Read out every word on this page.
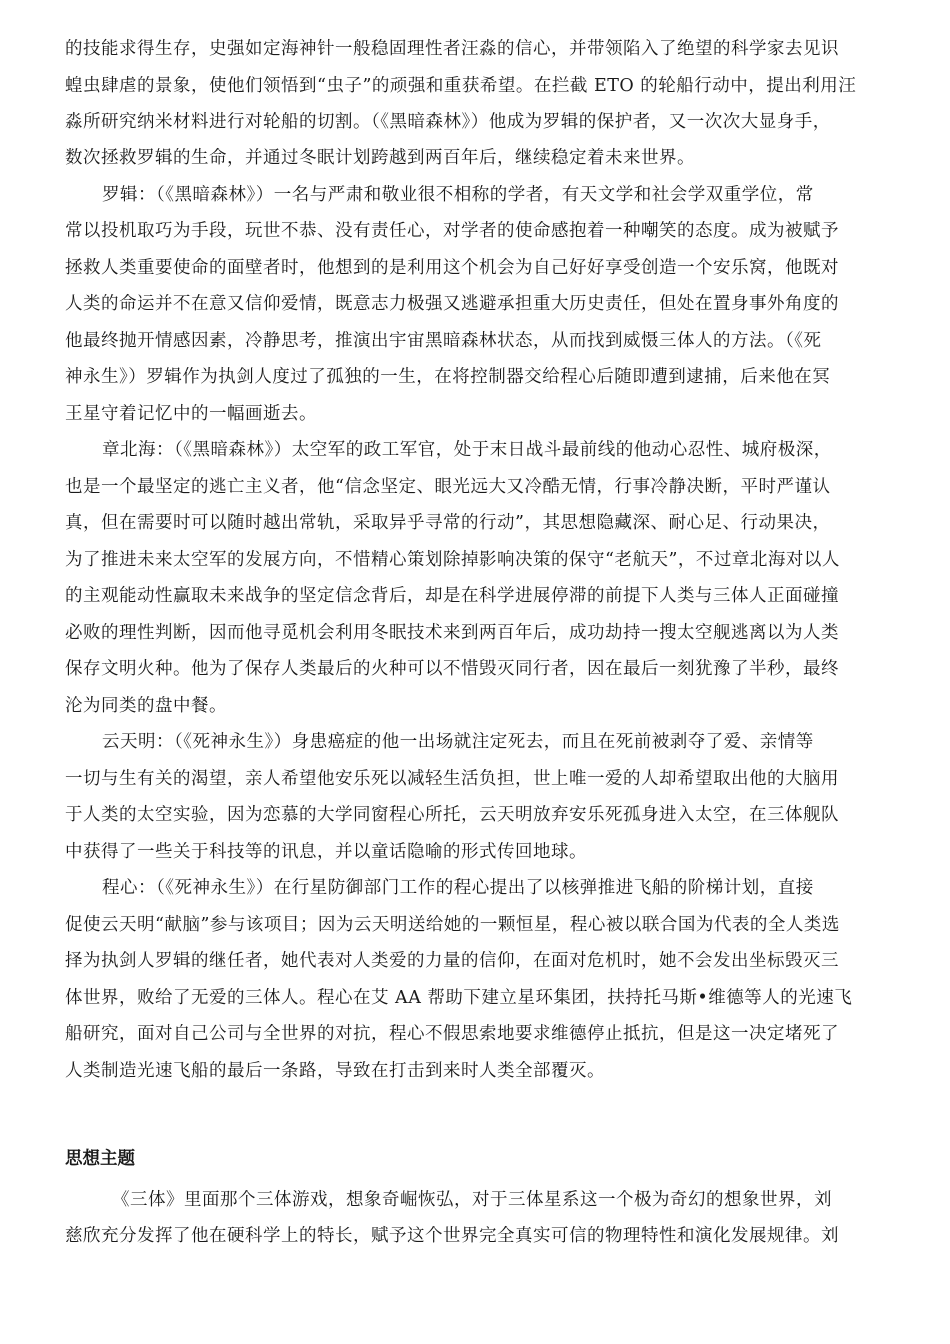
的技能求得生存，史强如定海神针一般稳固理性者汪淼的信心，并带领陷入了绝望的科学家去见识
蝗虫肆虐的景象，使他们领悟到“虫子”的顽强和重获希望。在拦截 ETO 的轮船行动中，提出利用汪
淼所研究纳米材料进行对轮船的切割。（《黑暗森林》）他成为罗辑的保护者，又一次次大显身手，
数次拯救罗辑的生命，并通过冬眠计划跨越到两百年后，继续稳定着未来世界。
罗辑：（《黑暗森林》）一名与严肃和敬业很不相称的学者，有天文学和社会学双重学位，常
常以投机取巧为手段，玩世不恭、没有责任心，对学者的使命感抱着一种嘲笑的态度。成为被赋予
拯救人类重要使命的面壁者时，他想到的是利用这个机会为自己好好享受创造一个安乐窝，他既对
人类的命运并不在意又信仰爱情，既意志力极强又逃避承担重大历史责任，但处在置身事外角度的
他最终抛开情感因素，冷静思考，推演出宇宙黑暗森林状态，从而找到威慑三体人的方法。（《死
神永生》）罗辑作为执剑人度过了孤独的一生，在将控制器交给程心后随即遭到逮捕，后来他在冥
王星守着记忆中的一幅画逝去。
章北海：（《黑暗森林》）太空军的政工军官，处于末日战斗最前线的他动心忍性、城府极深，
也是一个最坚定的逃亡主义者，他“信念坚定、眼光远大又冷酷无情，行事冷静决断，平时严谨认
真，但在需要时可以随时越出常轨，采取异乎寻常的行动”，其思想隐藏深、耐心足、行动果决，
为了推进未来太空军的发展方向，不惜精心策划除掉影响决策的保守“老航天”，不过章北海对以人
的主观能动性赢取未来战争的坚定信念背后，却是在科学进展停滞的前提下人类与三体人正面碰撞
必败的理性判断，因而他寻觅机会利用冬眠技术来到两百年后，成功劫持一搜太空舰逃离以为人类
保存文明火种。他为了保存人类最后的火种可以不惜毁灭同行者，因在最后一刻犹豫了半秒，最终
沦为同类的盘中餐。
云天明：（《死神永生》）身患癌症的他一出场就注定死去，而且在死前被剥夺了爱、亲情等
一切与生有关的渴望，亲人希望他安乐死以减轻生活负担，世上唯一爱的人却希望取出他的大脑用
于人类的太空实验，因为恋慕的大学同窗程心所托，云天明放弃安乐死孤身进入太空，在三体舰队
中获得了一些关于科技等的讯息，并以童话隐喻的形式传回地球。
程心：（《死神永生》）在行星防御部门工作的程心提出了以核弹推进飞船的阶梯计划，直接
促使云天明“献脑”参与该项目；因为云天明送给她的一颗恒星，程心被以联合国为代表的全人类选
择为执剑人罗辑的继任者，她代表对人类爱的力量的信仰，在面对危机时，她不会发出坐标毁灭三
体世界，败给了无爱的三体人。程心在艾 AA 帮助下建立星环集团，扶持托马斯•维德等人的光速飞
船研究，面对自己公司与全世界的对抗，程心不假思索地要求维德停止抵抗，但是这一决定堵死了
人类制造光速飞船的最后一条路，导致在打击到来时人类全部覆灭。
思想主题
《三体》里面那个三体游戏，想象奇崛恢弘，对于三体星系这一个极为奇幻的想象世界，刘
慈欣充分发挥了他在硬科学上的特长，赋予这个世界完全真实可信的物理特性和演化发展规律。刘
